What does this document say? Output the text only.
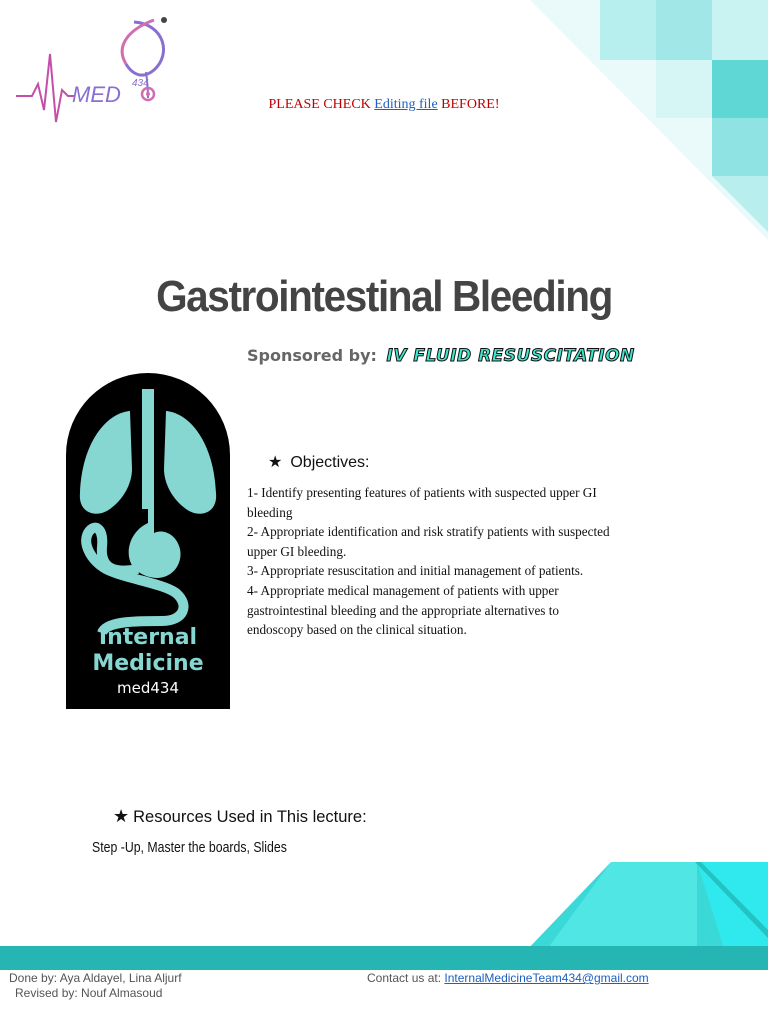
MED 434
PLEASE CHECK Editing file BEFORE!
Gastrointestinal Bleeding
Sponsored by: IV FLUID RESUSCITATION
Internal
Medicine
med434
★ Objectives:
1- Identify presenting features of patients with suspected upper GI
bleeding
2- Appropriate identification and risk stratify patients with suspected
upper GI bleeding.
3- Appropriate resuscitation and initial management of patients.
4- Appropriate medical management of patients with upper
gastrointestinal bleeding and the appropriate alternatives to
endoscopy based on the clinical situation.
★ Resources Used in This lecture:
Step -Up, Master the boards, Slides
Done by: Aya Aldayel, Lina Aljurf
Revised by: Nouf Almasoud
Contact us at: InternalMedicineTeam434@gmail.com
